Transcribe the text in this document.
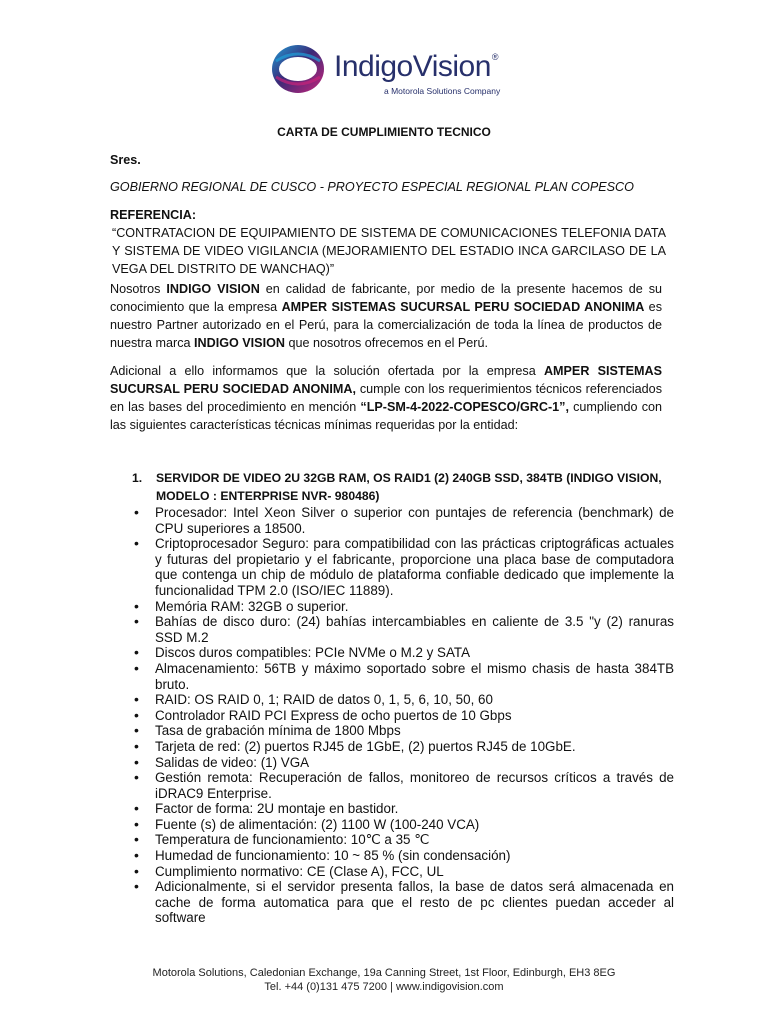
IndigoVision®
a Motorola Solutions Company
CARTA DE CUMPLIMIENTO TECNICO
Sres.
GOBIERNO REGIONAL DE CUSCO - PROYECTO ESPECIAL REGIONAL PLAN COPESCO
REFERENCIA:
“CONTRATACION DE EQUIPAMIENTO DE SISTEMA DE COMUNICACIONES TELEFONIA DATA Y SISTEMA DE VIDEO VIGILANCIA (MEJORAMIENTO DEL ESTADIO INCA GARCILASO DE LA VEGA DEL DISTRITO DE WANCHAQ)”
Nosotros INDIGO VISION en calidad de fabricante, por medio de la presente hacemos de su conocimiento que la empresa AMPER SISTEMAS SUCURSAL PERU SOCIEDAD ANONIMA es nuestro Partner autorizado en el Perú, para la comercialización de toda la línea de productos de nuestra marca INDIGO VISION que nosotros ofrecemos en el Perú.
Adicional a ello informamos que la solución ofertada por la empresa AMPER SISTEMAS SUCURSAL PERU SOCIEDAD ANONIMA, cumple con los requerimientos técnicos referenciados en las bases del procedimiento en mención “LP-SM-4-2022-COPESCO/GRC-1”, cumpliendo con las siguientes características técnicas mínimas requeridas por la entidad:
1. SERVIDOR DE VIDEO 2U 32GB RAM, OS RAID1 (2) 240GB SSD, 384TB (INDIGO VISION, MODELO : ENTERPRISE NVR- 980486)
• Procesador: Intel Xeon Silver o superior con puntajes de referencia (benchmark) de CPU superiores a 18500.
• Criptoprocesador Seguro: para compatibilidad con las prácticas criptográficas actuales y futuras del propietario y el fabricante, proporcione una placa base de computadora que contenga un chip de módulo de plataforma confiable dedicado que implemente la funcionalidad TPM 2.0 (ISO/IEC 11889).
• Memória RAM: 32GB o superior.
• Bahías de disco duro: (24) bahías intercambiables en caliente de 3.5 "y (2) ranuras SSD M.2
• Discos duros compatibles: PCIe NVMe o M.2 y SATA
• Almacenamiento: 56TB y máximo soportado sobre el mismo chasis de hasta 384TB bruto.
• RAID: OS RAID 0, 1; RAID de datos 0, 1, 5, 6, 10, 50, 60
• Controlador RAID PCI Express de ocho puertos de 10 Gbps
• Tasa de grabación mínima de 1800 Mbps
• Tarjeta de red: (2) puertos RJ45 de 1GbE, (2) puertos RJ45 de 10GbE.
• Salidas de video: (1) VGA
• Gestión remota: Recuperación de fallos, monitoreo de recursos críticos a través de iDRAC9 Enterprise.
• Factor de forma: 2U montaje en bastidor.
• Fuente (s) de alimentación: (2) 1100 W (100-240 VCA)
• Temperatura de funcionamiento: 10℃ a 35 ℃
• Humedad de funcionamiento: 10 ~ 85 % (sin condensación)
• Cumplimiento normativo: CE (Clase A), FCC, UL
• Adicionalmente, si el servidor presenta fallos, la base de datos será almacenada en cache de forma automatica para que el resto de pc clientes puedan acceder al software
Motorola Solutions, Caledonian Exchange, 19a Canning Street, 1st Floor, Edinburgh, EH3 8EG
Tel. +44 (0)131 475 7200 | www.indigovision.com
